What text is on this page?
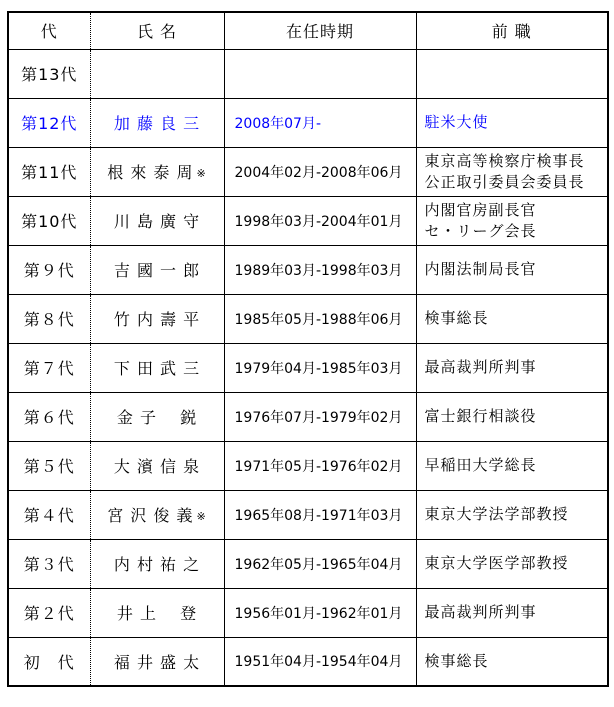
代	氏 名	在任時期	前 職
第13代			
第12代	加 藤 良 三	2008年07月-	駐米大使

第11代	根 來 泰 周 ※	2004年02月-2008年06月	東京高等検察庁検事長
公正取引委員会委員長

第10代	川 島 廣 守	1998年03月-2004年01月	内閣官房副長官
セ・リーグ会長

第９代	吉 國 一 郎	1989年03月-1998年03月	内閣法制局長官

第８代	竹 内 壽 平	1985年05月-1988年06月	検事総長

第７代	下 田 武 三	1979年04月-1985年03月	最高裁判所判事

第６代	金 子　 鋭	1976年07月-1979年02月	富士銀行相談役

第５代	大 濱 信 泉	1971年05月-1976年02月	早稲田大学総長

第４代	宮 沢 俊 義 ※	1965年08月-1971年03月	東京大学法学部教授

第３代	内 村 祐 之	1962年05月-1965年04月	東京大学医学部教授

第２代	井 上　 登	1956年01月-1962年01月	最高裁判所判事

初　代	福 井 盛 太	1951年04月-1954年04月	検事総長
